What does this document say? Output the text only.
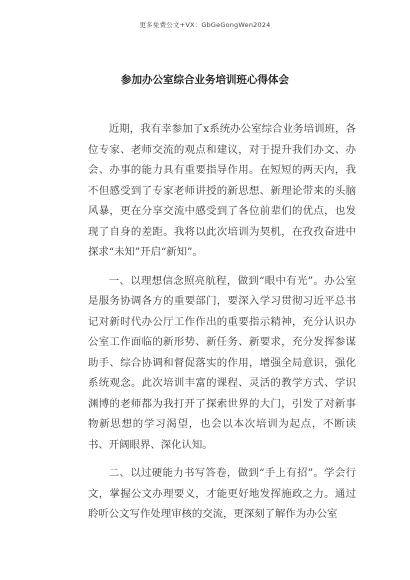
更多免费公文+VX：GbGeGongWen2024
参加办公室综合业务培训班心得体会

近期，我有幸参加了x系统办公室综合业务培训班，各位专家、老师交流的观点和建议，对于提升我们办文、办会、办事的能力具有重要指导作用。在短短的两天内，我不但感受到了专家老师讲授的新思想、新理论带来的头脑风暴，更在分享交流中感受到了各位前辈们的优点，也发现了自身的差距。我将以此次培训为契机，在孜孜奋进中探求“未知”开启“新知”。

一、以理想信念照亮航程，做到“眼中有光”。办公室是服务协调各方的重要部门，要深入学习贯彻习近平总书记对新时代办公厅工作作出的重要指示精神，充分认识办公室工作面临的新形势、新任务、新要求，充分发挥参谋助手、综合协调和督促落实的作用，增强全局意识，强化系统观念。此次培训丰富的课程、灵活的教学方式、学识渊博的老师都为我打开了探索世界的大门，引发了对新事物新思想的学习渴望，也会以本次培训为起点，不断读书、开阔眼界、深化认知。

二、以过硬能力书写答卷，做到“手上有招”。学会行文，掌握公文办理要义，才能更好地发挥施政之力。通过聆听公文写作处理审核的交流，更深刻了解作为办公室
